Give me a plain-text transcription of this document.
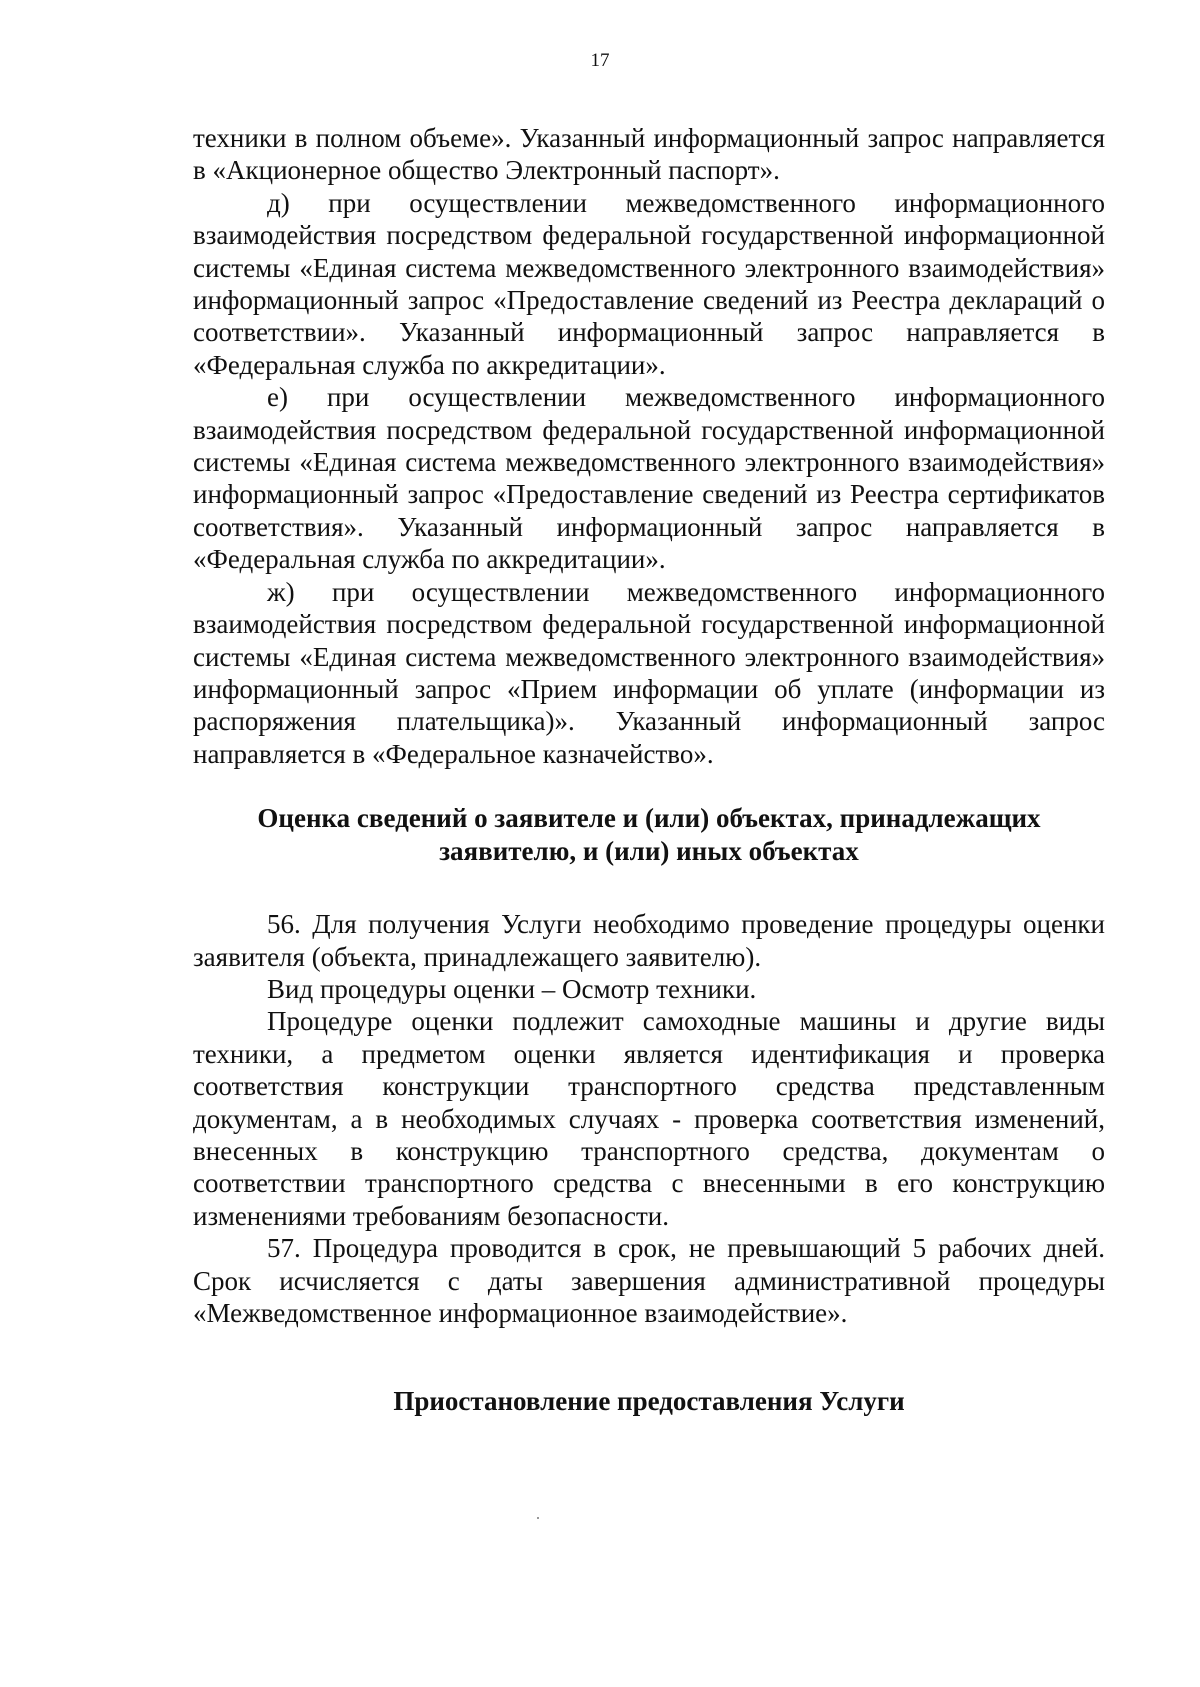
17

техники в полном объеме». Указанный информационный запрос направляется в «Акционерное общество Электронный паспорт».

д) при осуществлении межведомственного информационного взаимодействия посредством федеральной государственной информационной системы «Единая система межведомственного электронного взаимодействия» информационный запрос «Предоставление сведений из Реестра деклараций о соответствии». Указанный информационный запрос направляется в «Федеральная служба по аккредитации».

е) при осуществлении межведомственного информационного взаимодействия посредством федеральной государственной информационной системы «Единая система межведомственного электронного взаимодействия» информационный запрос «Предоставление сведений из Реестра сертификатов соответствия». Указанный информационный запрос направляется в «Федеральная служба по аккредитации».

ж) при осуществлении межведомственного информационного взаимодействия посредством федеральной государственной информационной системы «Единая система межведомственного электронного взаимодействия» информационный запрос «Прием информации об уплате (информации из распоряжения плательщика)». Указанный информационный запрос направляется в «Федеральное казначейство».

Оценка сведений о заявителе и (или) объектах, принадлежащих
заявителю, и (или) иных объектах

56. Для получения Услуги необходимо проведение процедуры оценки заявителя (объекта, принадлежащего заявителю).

Вид процедуры оценки – Осмотр техники.

Процедуре оценки подлежит самоходные машины и другие виды техники, а предметом оценки является идентификация и проверка соответствия конструкции транспортного средства представленным документам, а в необходимых случаях - проверка соответствия изменений, внесенных в конструкцию транспортного средства, документам о соответствии транспортного средства с внесенными в его конструкцию изменениями требованиям безопасности.

57. Процедура проводится в срок, не превышающий 5 рабочих дней. Срок исчисляется с даты завершения административной процедуры «Межведомственное информационное взаимодействие».

Приостановление предоставления Услуги
